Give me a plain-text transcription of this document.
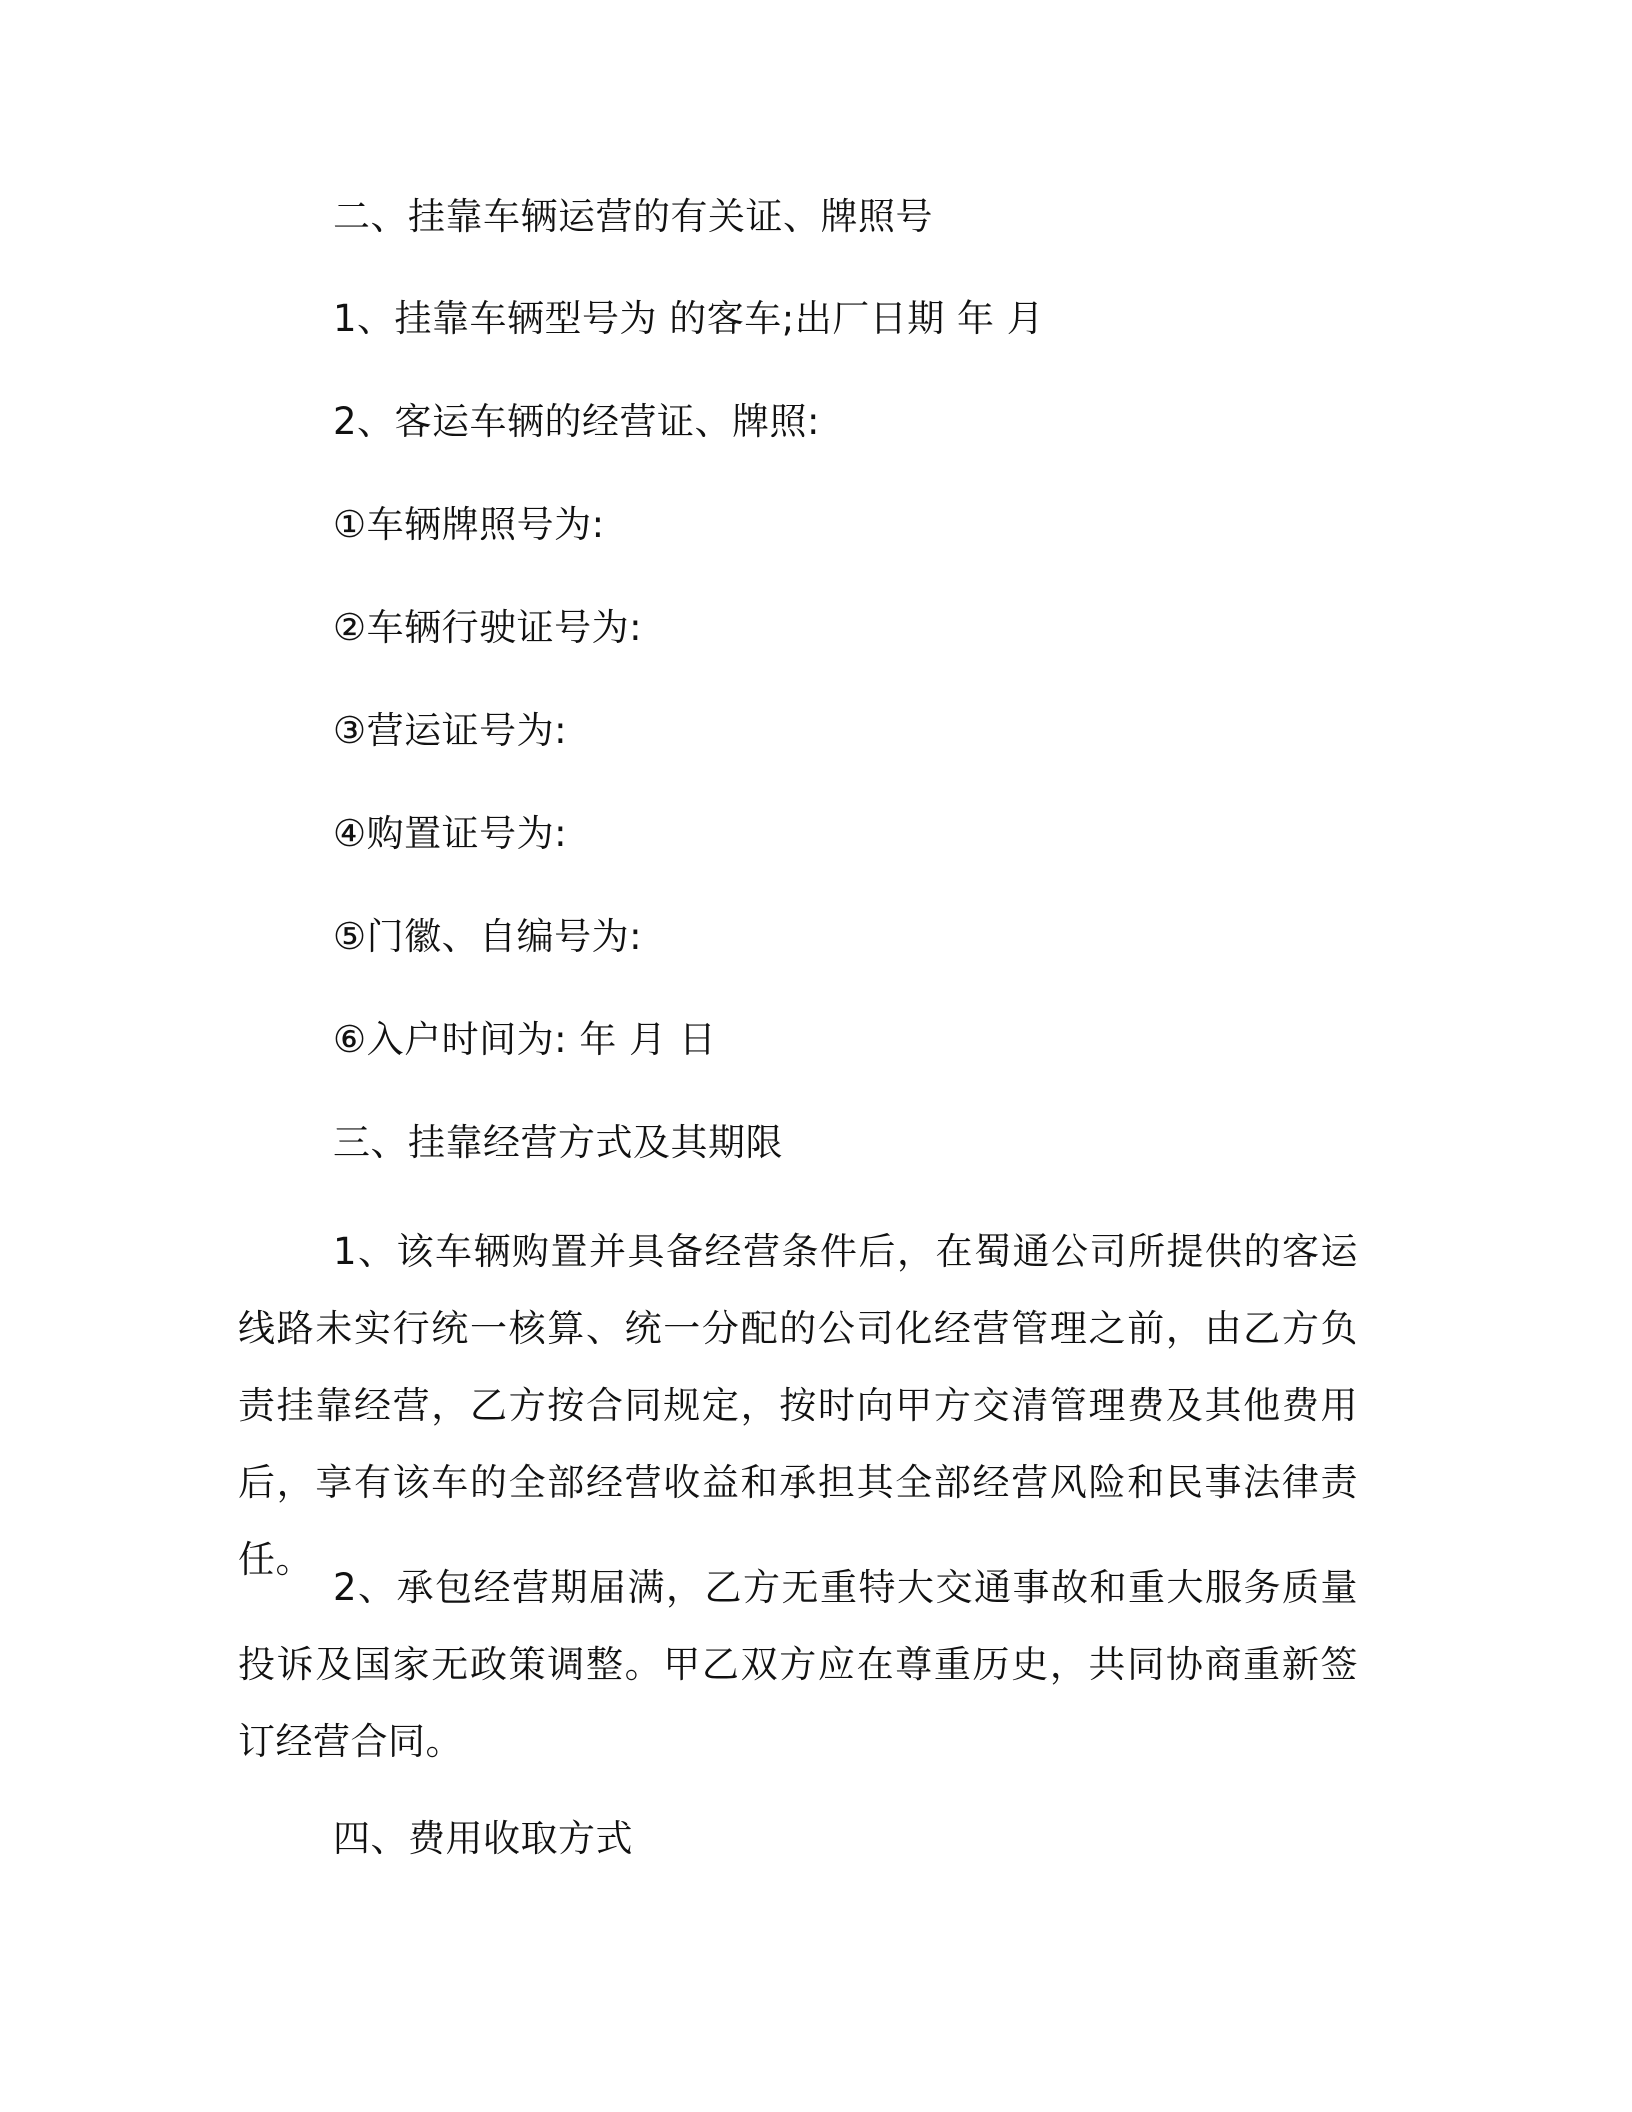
二、挂靠车辆运营的有关证、牌照号

1、挂靠车辆型号为 的客车;出厂日期 年 月

2、客运车辆的经营证、牌照:

①车辆牌照号为:

②车辆行驶证号为:

③营运证号为:

④购置证号为:

⑤门徽、自编号为:

⑥入户时间为: 年 月 日

三、挂靠经营方式及其期限

1、该车辆购置并具备经营条件后，在蜀通公司所提供的客运线路未实行统一核算、统一分配的公司化经营管理之前，由乙方负责挂靠经营，乙方按合同规定，按时向甲方交清管理费及其他费用后，享有该车的全部经营收益和承担其全部经营风险和民事法律责任。

2、承包经营期届满，乙方无重特大交通事故和重大服务质量投诉及国家无政策调整。甲乙双方应在尊重历史，共同协商重新签订经营合同。

四、费用收取方式
